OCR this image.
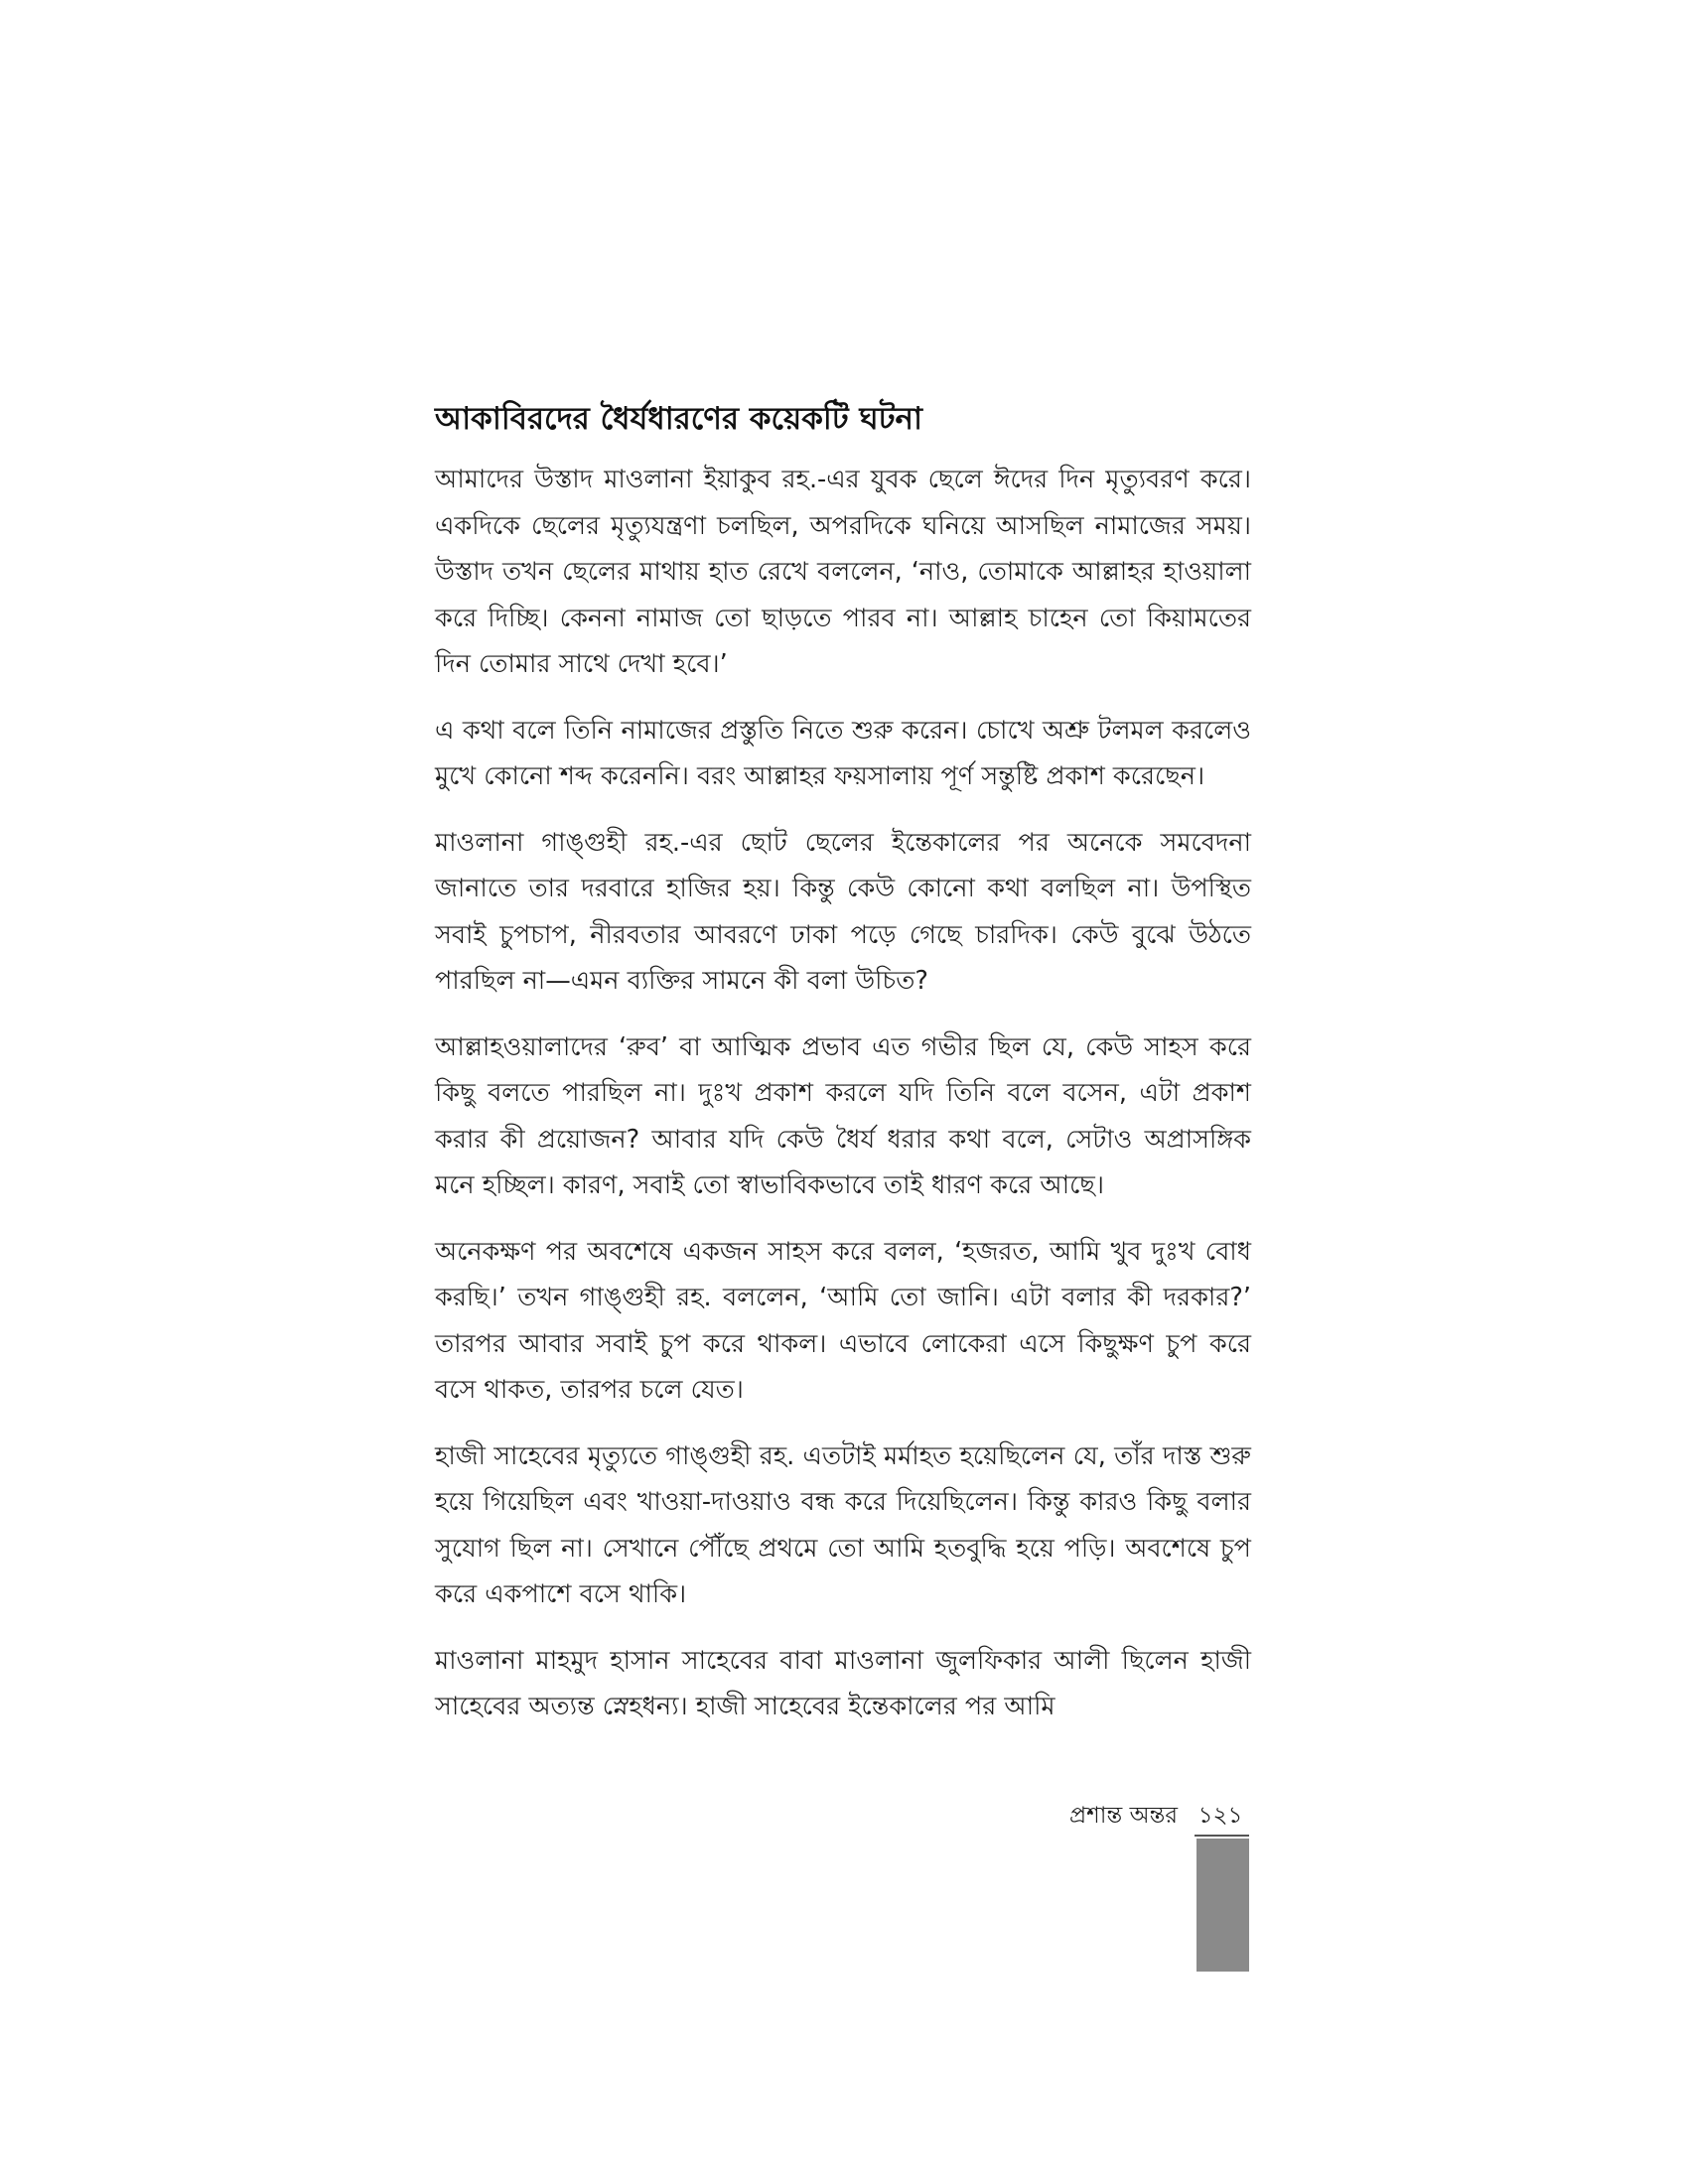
আকাবিরদের ধৈর্যধারণের কয়েকটি ঘটনা

আমাদের উস্তাদ মাওলানা ইয়াকুব রহ.-এর যুবক ছেলে ঈদের দিন মৃত্যুবরণ করে। একদিকে ছেলের মৃত্যুযন্ত্রণা চলছিল, অপরদিকে ঘনিয়ে আসছিল নামাজের সময়। উস্তাদ তখন ছেলের মাথায় হাত রেখে বললেন, ‘নাও, তোমাকে আল্লাহর হাওয়ালা করে দিচ্ছি। কেননা নামাজ তো ছাড়তে পারব না। আল্লাহ চাহেন তো কিয়ামতের দিন তোমার সাথে দেখা হবে।’

এ কথা বলে তিনি নামাজের প্রস্তুতি নিতে শুরু করেন। চোখে অশ্রু টলমল করলেও মুখে কোনো শব্দ করেননি। বরং আল্লাহর ফয়সালায় পূর্ণ সন্তুষ্টি প্রকাশ করেছেন।

মাওলানা গাঙ্গুহী রহ.-এর ছোট ছেলের ইন্তেকালের পর অনেকে সমবেদনা জানাতে তার দরবারে হাজির হয়। কিন্তু কেউ কোনো কথা বলছিল না। উপস্থিত সবাই চুপচাপ, নীরবতার আবরণে ঢাকা পড়ে গেছে চারদিক। কেউ বুঝে উঠতে পারছিল না—এমন ব্যক্তির সামনে কী বলা উচিত?

আল্লাহওয়ালাদের ‘রুব’ বা আত্মিক প্রভাব এত গভীর ছিল যে, কেউ সাহস করে কিছু বলতে পারছিল না। দুঃখ প্রকাশ করলে যদি তিনি বলে বসেন, এটা প্রকাশ করার কী প্রয়োজন? আবার যদি কেউ ধৈর্য ধরার কথা বলে, সেটাও অপ্রাসঙ্গিক মনে হচ্ছিল। কারণ, সবাই তো স্বাভাবিকভাবে তাই ধারণ করে আছে।

অনেকক্ষণ পর অবশেষে একজন সাহস করে বলল, ‘হজরত, আমি খুব দুঃখ বোধ করছি।’ তখন গাঙ্গুহী রহ. বললেন, ‘আমি তো জানি। এটা বলার কী দরকার?’ তারপর আবার সবাই চুপ করে থাকল। এভাবে লোকেরা এসে কিছুক্ষণ চুপ করে বসে থাকত, তারপর চলে যেত।

হাজী সাহেবের মৃত্যুতে গাঙ্গুহী রহ. এতটাই মর্মাহত হয়েছিলেন যে, তাঁর দাস্ত শুরু হয়ে গিয়েছিল এবং খাওয়া-দাওয়াও বন্ধ করে দিয়েছিলেন। কিন্তু কারও কিছু বলার সুযোগ ছিল না। সেখানে পৌঁছে প্রথমে তো আমি হতবুদ্ধি হয়ে পড়ি। অবশেষে চুপ করে একপাশে বসে থাকি।

মাওলানা মাহমুদ হাসান সাহেবের বাবা মাওলানা জুলফিকার আলী ছিলেন হাজী সাহেবের অত্যন্ত স্নেহধন্য। হাজী সাহেবের ইন্তেকালের পর আমি

প্রশান্ত অন্তর ১২১
